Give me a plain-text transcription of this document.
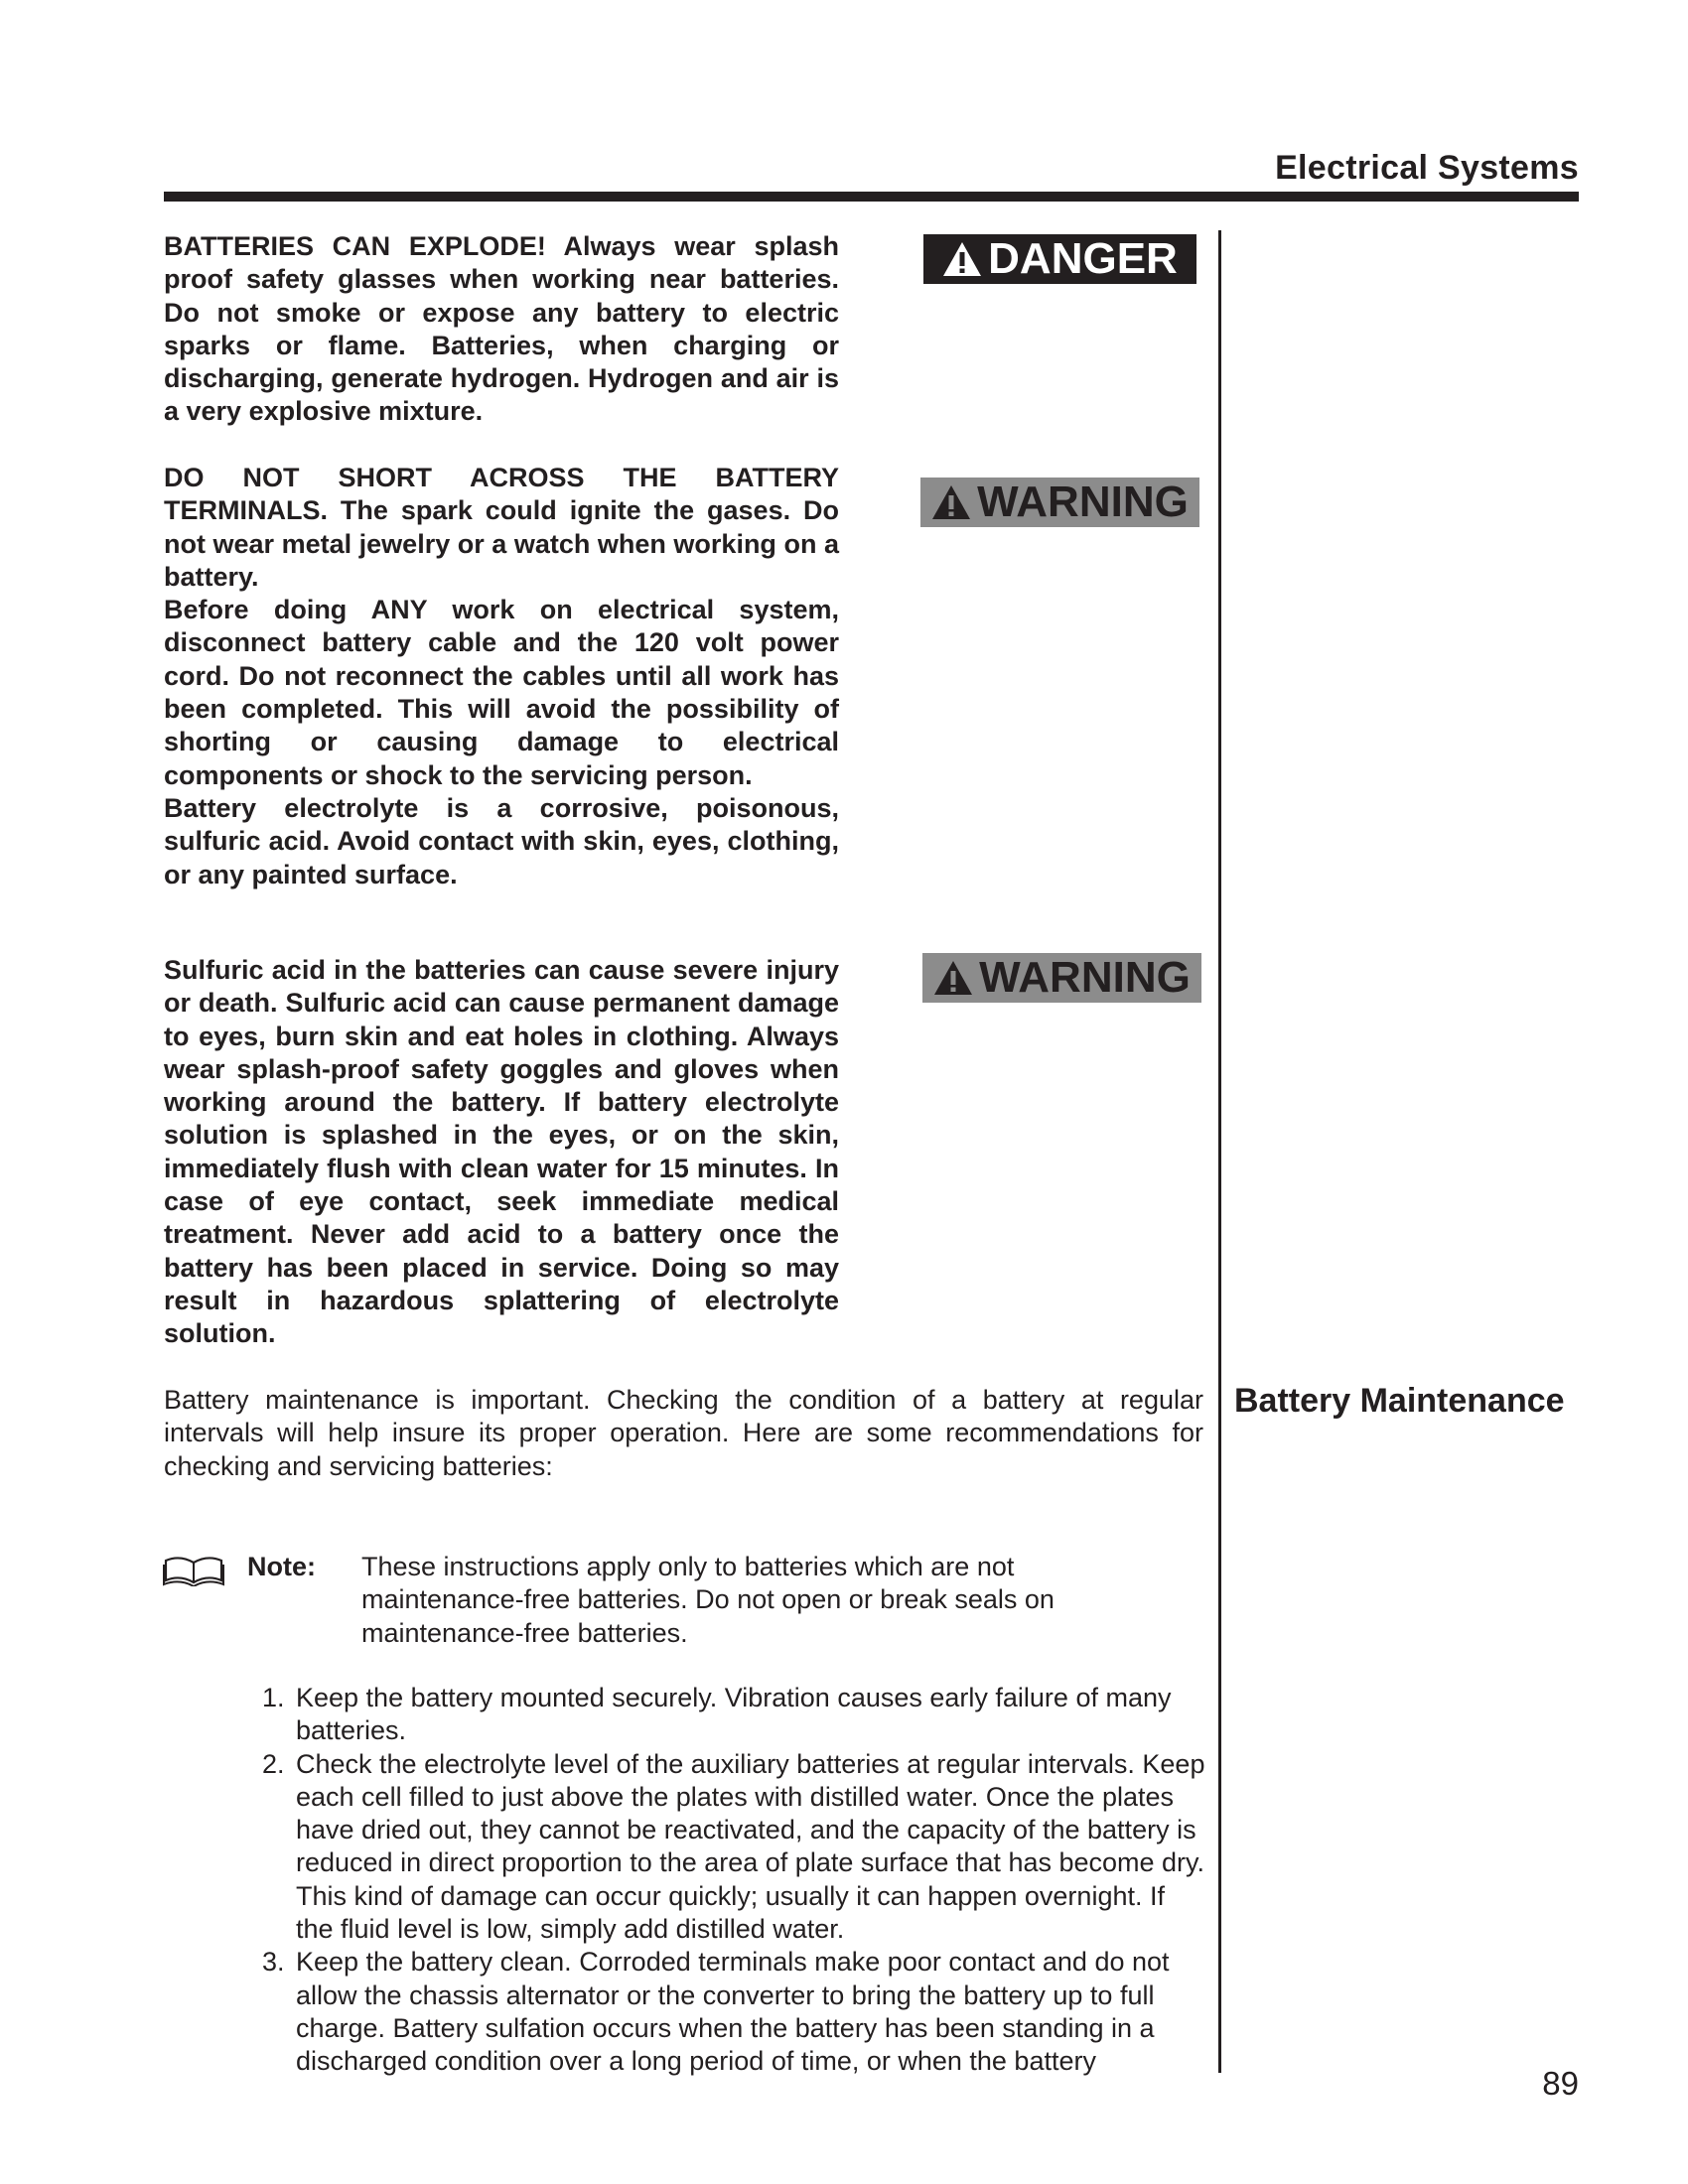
Electrical Systems

BATTERIES CAN EXPLODE! Always wear splash proof safety glasses when working near batteries. Do not smoke or expose any battery to electric sparks or flame. Batteries, when charging or discharging, generate hydrogen. Hydrogen and air is a very explosive mixture.

DANGER

DO NOT SHORT ACROSS THE BATTERY TERMINALS. The spark could ignite the gases. Do not wear metal jewelry or a watch when working on a battery.

Before doing ANY work on electrical system, disconnect battery cable and the 120 volt power cord. Do not reconnect the cables until all work has been completed. This will avoid the possibility of shorting or causing damage to electrical components or shock to the servicing person.

Battery electrolyte is a corrosive, poisonous, sulfuric acid. Avoid contact with skin, eyes, clothing, or any painted surface.

WARNING

Sulfuric acid in the batteries can cause severe injury or death. Sulfuric acid can cause permanent damage to eyes, burn skin and eat holes in clothing. Always wear splash-proof safety goggles and gloves when working around the battery. If battery electrolyte solution is splashed in the eyes, or on the skin, immediately flush with clean water for 15 minutes. In case of eye contact, seek immediate medical treatment. Never add acid to a battery once the battery has been placed in service. Doing so may result in hazardous splattering of electrolyte solution.

WARNING
Battery maintenance is important. Checking the condition of a battery at regular intervals will help insure its proper operation. Here are some recommendations for checking and servicing batteries:
Battery Maintenance
Note: These instructions apply only to batteries which are not maintenance-free batteries. Do not open or break seals on maintenance-free batteries.
1. Keep the battery mounted securely. Vibration causes early failure of many batteries.
2. Check the electrolyte level of the auxiliary batteries at regular intervals. Keep each cell filled to just above the plates with distilled water. Once the plates have dried out, they cannot be reactivated, and the capacity of the battery is reduced in direct proportion to the area of plate surface that has become dry. This kind of damage can occur quickly; usually it can happen overnight. If the fluid level is low, simply add distilled water.
3. Keep the battery clean. Corroded terminals make poor contact and do not allow the chassis alternator or the converter to bring the battery up to full charge. Battery sulfation occurs when the battery has been standing in a discharged condition over a long period of time, or when the battery
89
